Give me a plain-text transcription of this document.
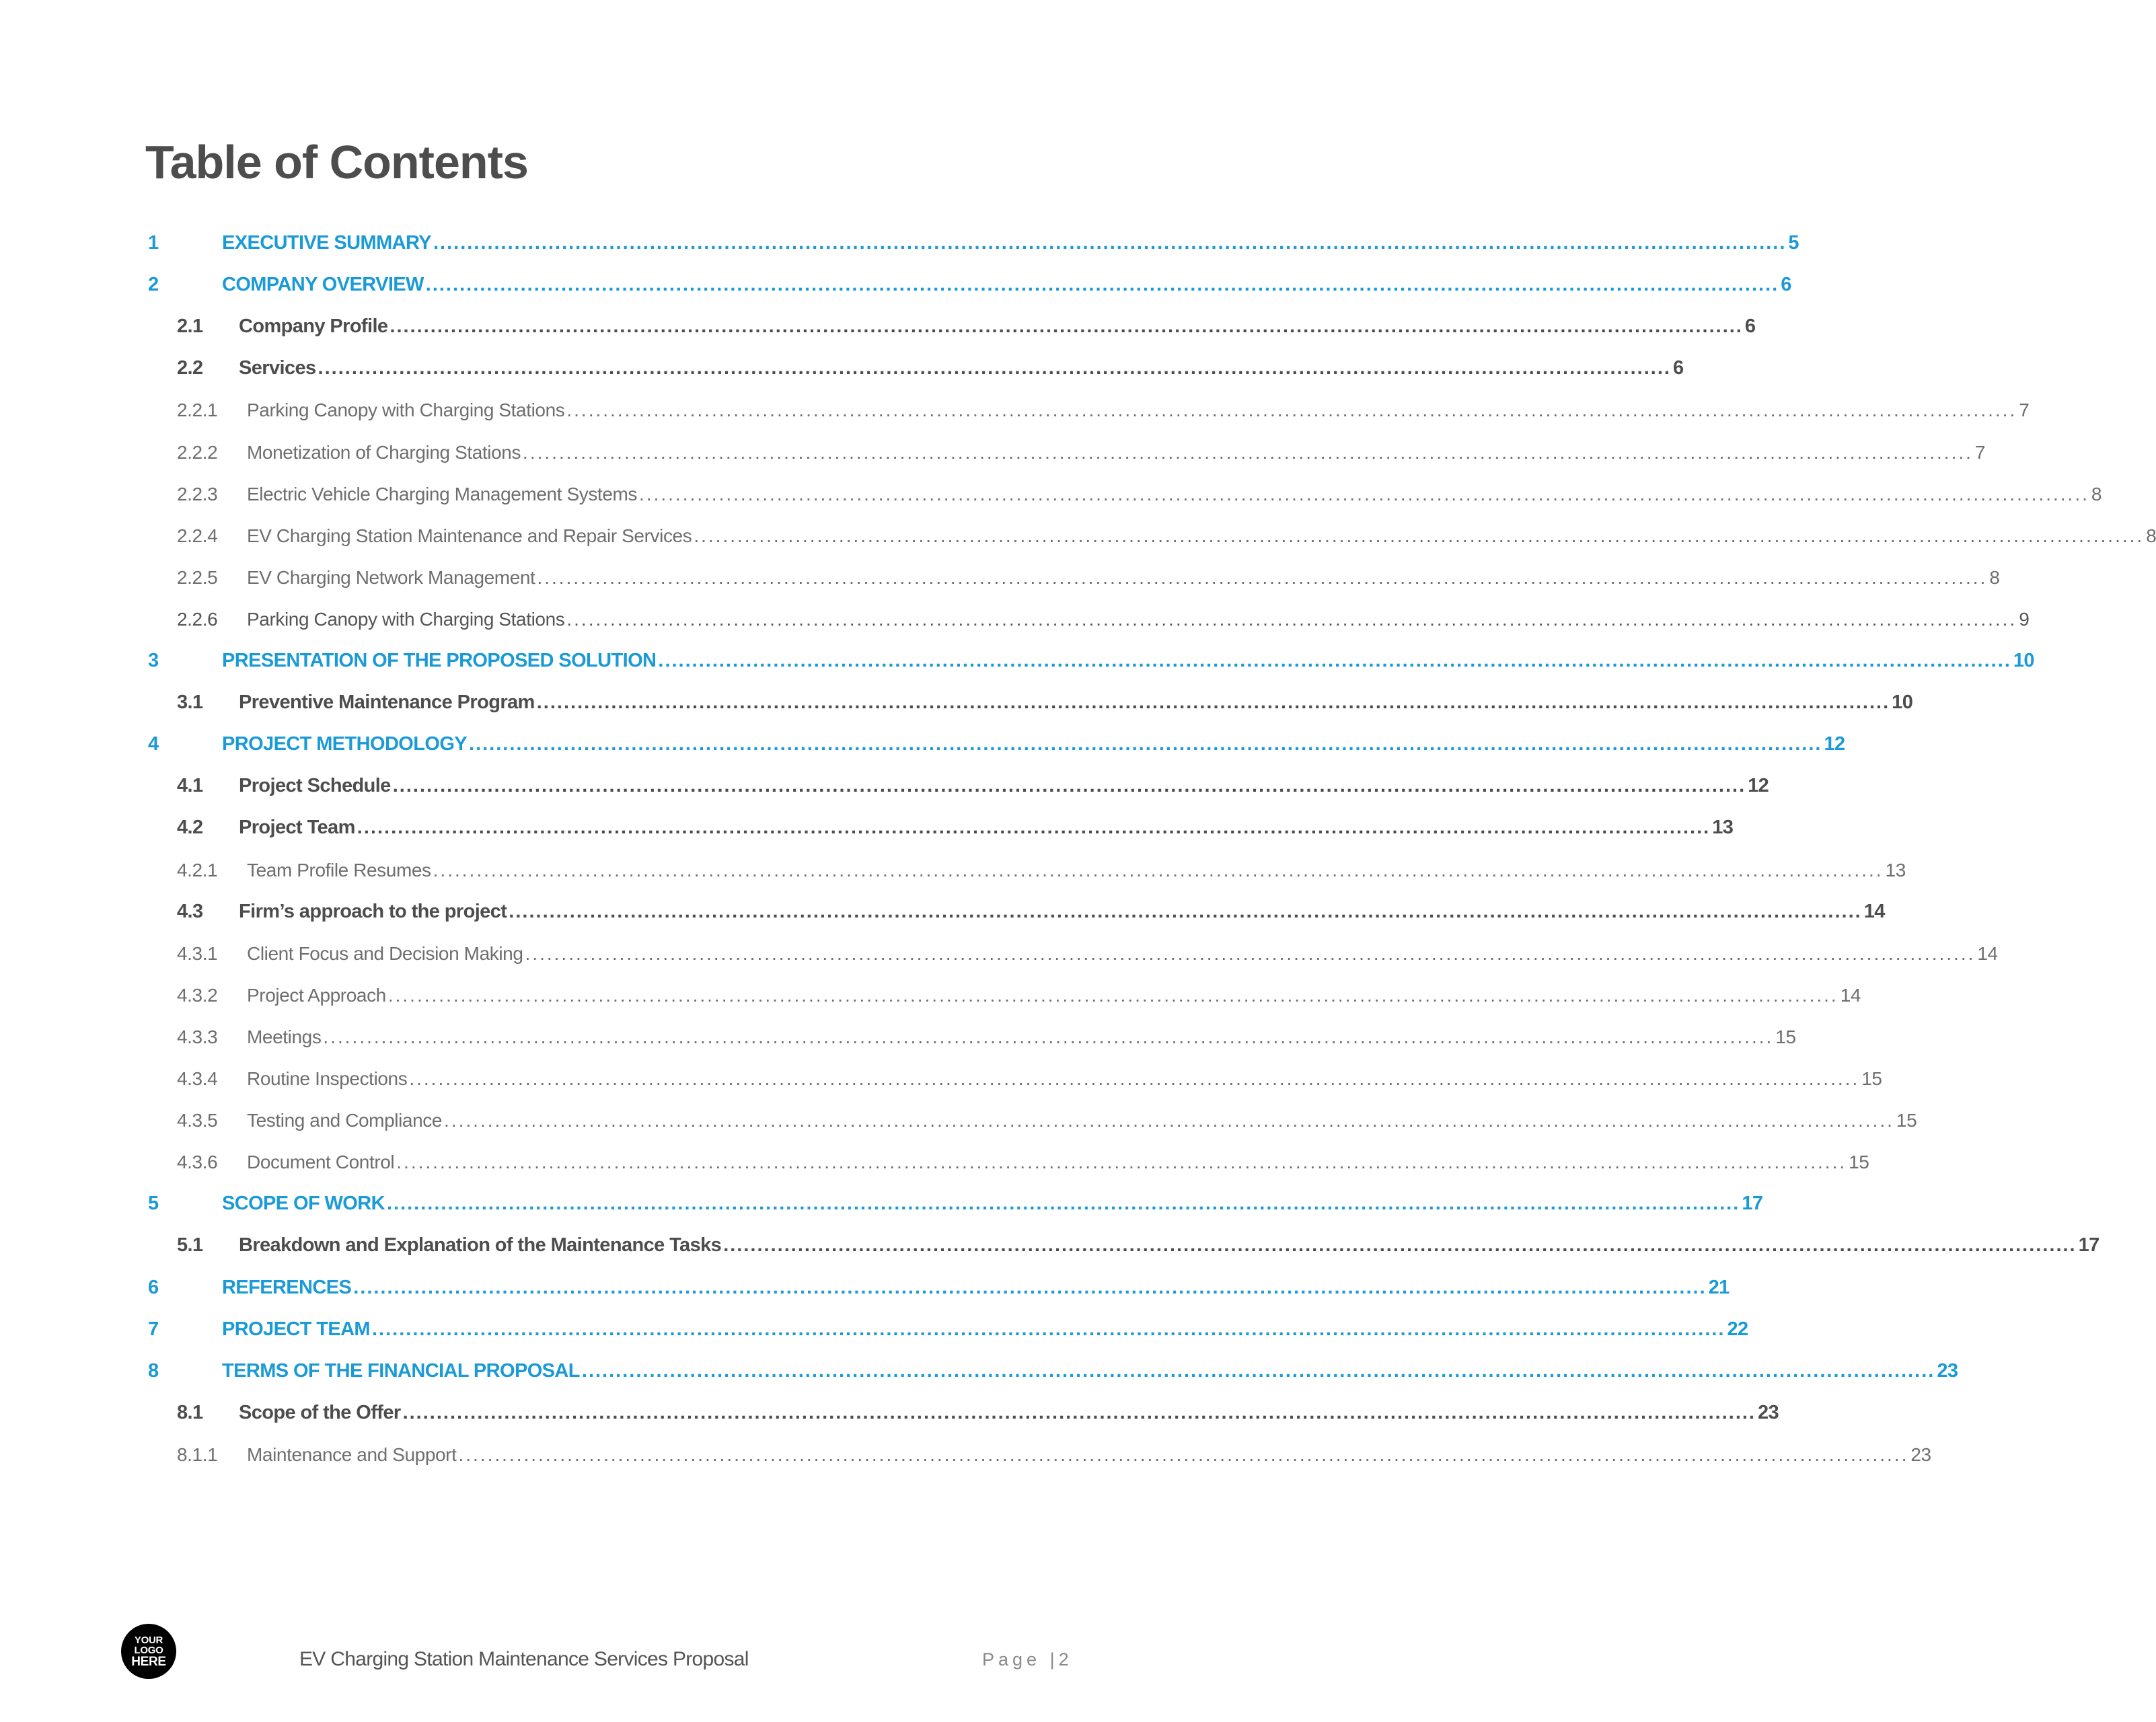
Table of Contents
1	EXECUTIVE SUMMARY ........................................................................................................................................................................................................ 5
2	COMPANY OVERVIEW ........................................................................................................................................................................................................ 6
2.1 Company Profile ........................................................................................................................................................................................................ 6
2.2 Services ........................................................................................................................................................................................................ 6
2.2.1 Parking Canopy with Charging Stations ........................................................................................................................................................................................................ 7
2.2.2 Monetization of Charging Stations ........................................................................................................................................................................................................ 7
2.2.3 Electric Vehicle Charging Management Systems ........................................................................................................................................................................................................ 8
2.2.4 EV Charging Station Maintenance and Repair Services ........................................................................................................................................................................................................ 8
2.2.5 EV Charging Network Management ........................................................................................................................................................................................................ 8
2.2.6 Parking Canopy with Charging Stations ........................................................................................................................................................................................................ 9
3	PRESENTATION OF THE PROPOSED SOLUTION ........................................................................................................................................................................................................ 10
3.1 Preventive Maintenance Program ........................................................................................................................................................................................................ 10
4	PROJECT METHODOLOGY ........................................................................................................................................................................................................ 12
4.1 Project Schedule ........................................................................................................................................................................................................ 12
4.2 Project Team ........................................................................................................................................................................................................ 13
4.2.1 Team Profile Resumes ........................................................................................................................................................................................................ 13
4.3 Firm’s approach to the project ........................................................................................................................................................................................................ 14
4.3.1 Client Focus and Decision Making ........................................................................................................................................................................................................ 14
4.3.2 Project Approach ........................................................................................................................................................................................................ 14
4.3.3 Meetings ........................................................................................................................................................................................................ 15
4.3.4 Routine Inspections ........................................................................................................................................................................................................ 15
4.3.5 Testing and Compliance ........................................................................................................................................................................................................ 15
4.3.6 Document Control ........................................................................................................................................................................................................ 15
5	SCOPE OF WORK ........................................................................................................................................................................................................ 17
5.1 Breakdown and Explanation of the Maintenance Tasks ........................................................................................................................................................................................................ 17
6	REFERENCES ........................................................................................................................................................................................................ 21
7	PROJECT TEAM ........................................................................................................................................................................................................ 22
8	TERMS OF THE FINANCIAL PROPOSAL ........................................................................................................................................................................................................ 23
8.1 Scope of the Offer ........................................................................................................................................................................................................ 23
8.1.1 Maintenance and Support ........................................................................................................................................................................................................ 23
YOUR
LOGO
HERE	EV Charging Station Maintenance Services Proposal	Page |2
